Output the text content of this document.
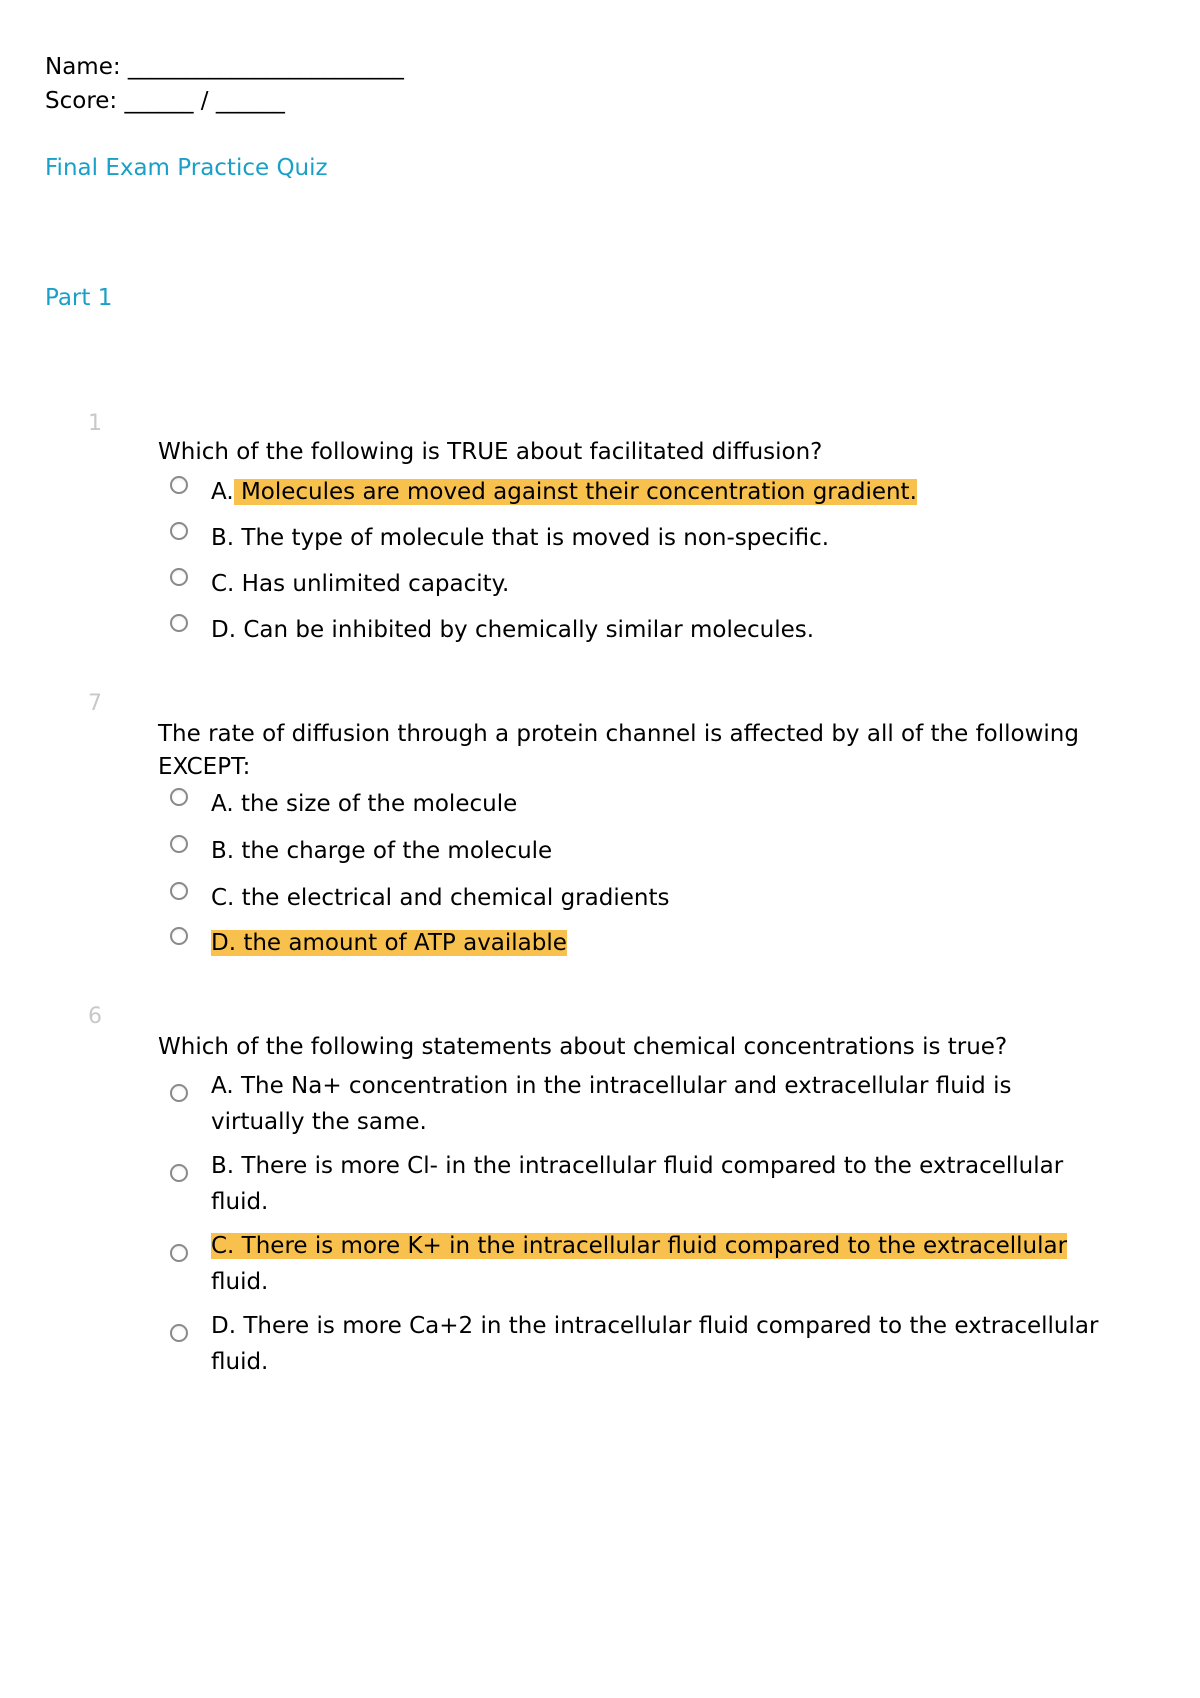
Name: ________________________
Score: ______ / ______
Final Exam Practice Quiz
Part 1
1
Which of the following is TRUE about facilitated diffusion?
A. Molecules are moved against their concentration gradient.
B. The type of molecule that is moved is non-specific.
C. Has unlimited capacity.
D. Can be inhibited by chemically similar molecules.
7
The rate of diffusion through a protein channel is affected by all of the following EXCEPT:
A. the size of the molecule
B. the charge of the molecule
C. the electrical and chemical gradients
D. the amount of ATP available
6
Which of the following statements about chemical concentrations is true?
A. The Na+ concentration in the intracellular and extracellular fluid is
virtually the same.
B. There is more Cl- in the intracellular fluid compared to the extracellular
fluid.
C. There is more K+ in the intracellular fluid compared to the extracellular
fluid.
D. There is more Ca+2 in the intracellular fluid compared to the extracellular
fluid.
